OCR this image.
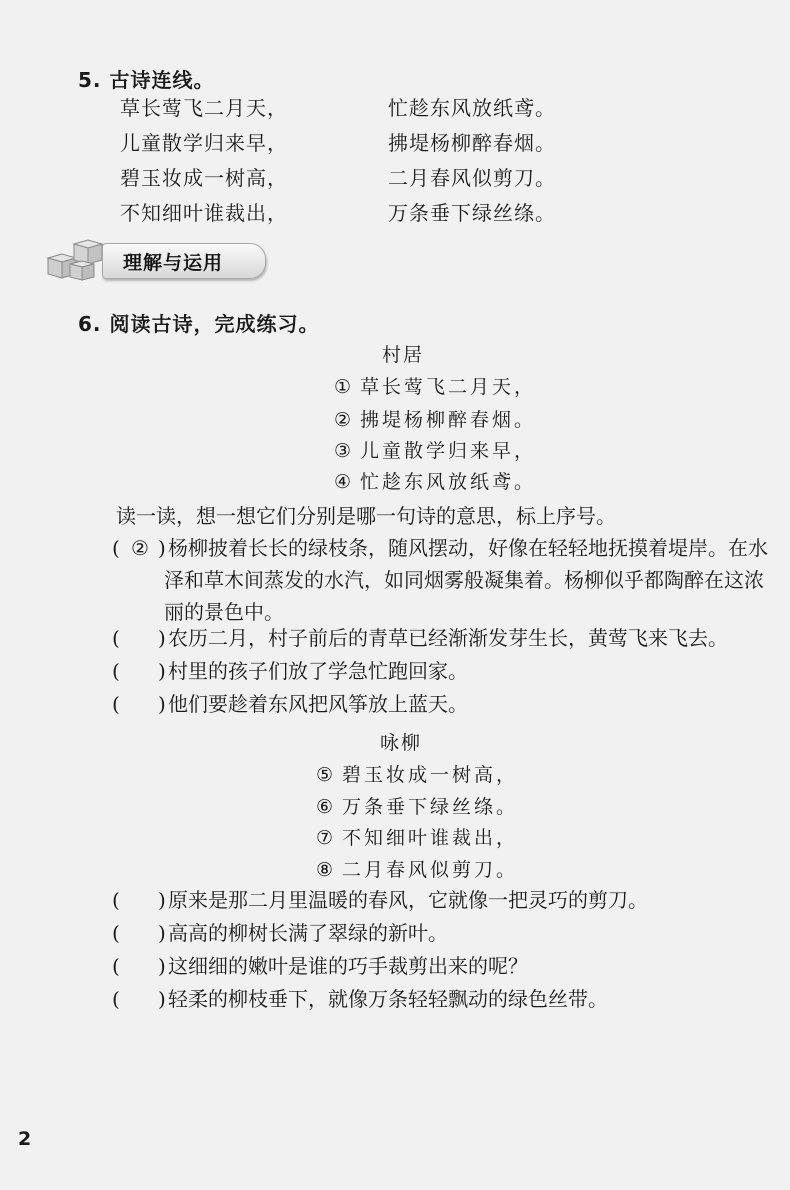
5. 古诗连线。
草长莺飞二月天，
儿童散学归来早，
碧玉妆成一树高，
不知细叶谁裁出，
忙趁东风放纸鸢。
拂堤杨柳醉春烟。
二月春风似剪刀。
万条垂下绿丝绦。
理解与运用
6. 阅读古诗，完成练习。
村居
① 草长莺飞二月天，
② 拂堤杨柳醉春烟。
③ 儿童散学归来早，
④ 忙趁东风放纸鸢。
读一读，想一想它们分别是哪一句诗的意思，标上序号。
( ② ) 杨柳披着长长的绿枝条，随风摆动，好像在轻轻地抚摸着堤岸。在水
泽和草木间蒸发的水汽，如同烟雾般凝集着。杨柳似乎都陶醉在这浓
丽的景色中。
( ) 农历二月，村子前后的青草已经渐渐发芽生长，黄莺飞来飞去。
( ) 村里的孩子们放了学急忙跑回家。
( ) 他们要趁着东风把风筝放上蓝天。
咏柳
⑤ 碧玉妆成一树高，
⑥ 万条垂下绿丝绦。
⑦ 不知细叶谁裁出，
⑧ 二月春风似剪刀。
( ) 原来是那二月里温暖的春风，它就像一把灵巧的剪刀。
( ) 高高的柳树长满了翠绿的新叶。
( ) 这细细的嫩叶是谁的巧手裁剪出来的呢？
( ) 轻柔的柳枝垂下，就像万条轻轻飘动的绿色丝带。
2
